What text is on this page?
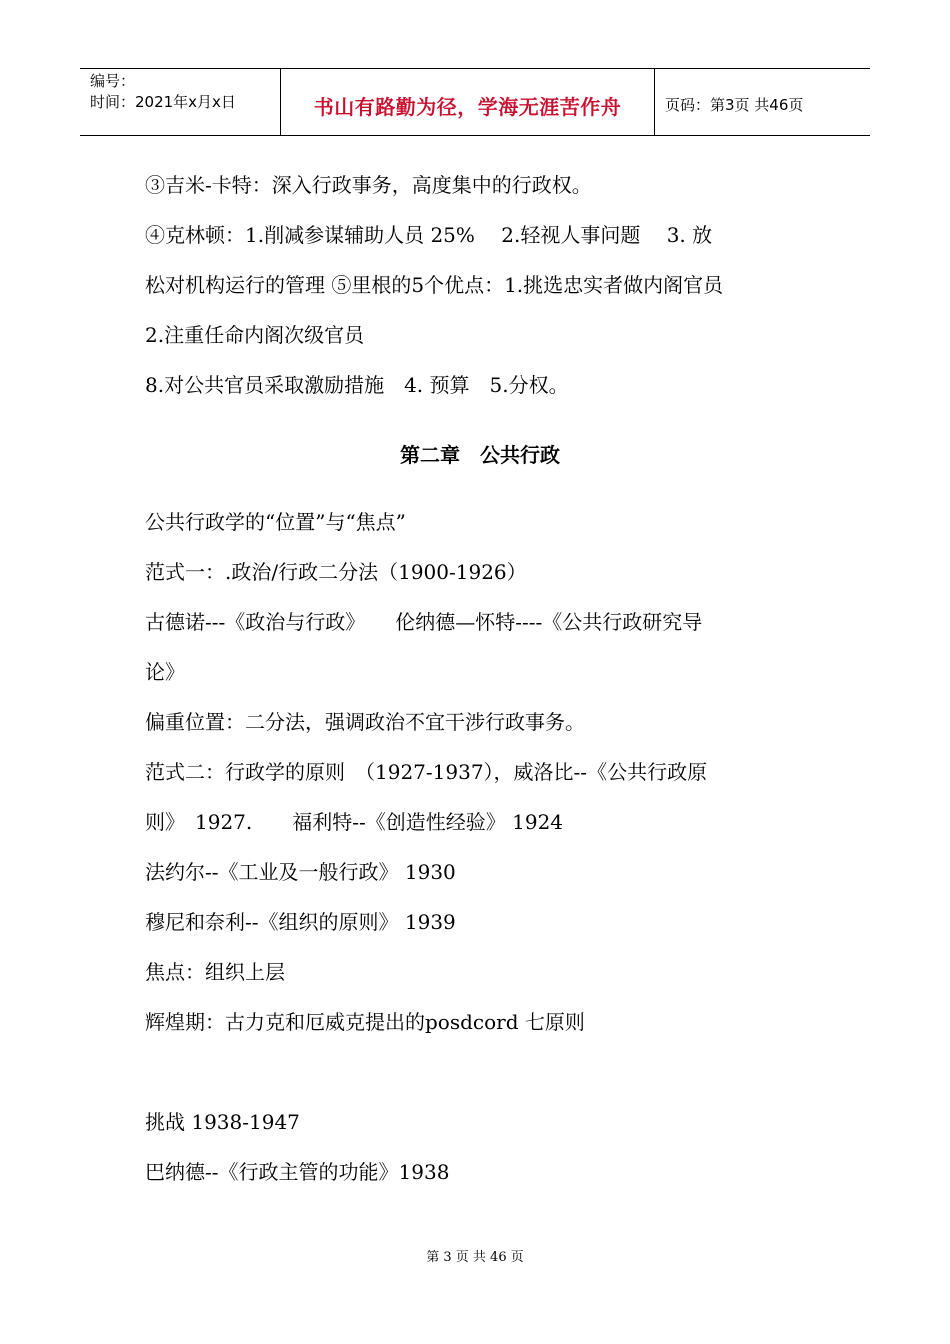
编号：
时间：2021年x月x日	书山有路勤为径，学海无涯苦作舟	页码：第3页 共46页

③吉米-卡特：深入行政事务，高度集中的行政权。

④克林顿：1.削减参谋辅助人员 25%　 2.轻视人事问题　 3. 放

松对机构运行的管理 ⑤里根的5个优点：1.挑选忠实者做内阁官员

2.注重任命内阁次级官员

8.对公共官员采取激励措施　4. 预算　5.分权。

第二章　公共行政

公共行政学的“位置”与“焦点”

范式一：.政治/行政二分法（1900-1926）

古德诺---《政治与行政》　　伦纳德—怀特----《公共行政研究导

论》

偏重位置：二分法，强调政治不宜干涉行政事务。

范式二：行政学的原则　（1927-1937），威洛比--《公共行政原

则》　1927.　　福利特--《创造性经验》 1924

法约尔--《工业及一般行政》 1930

穆尼和奈利--《组织的原则》 1939

焦点：组织上层

辉煌期：古力克和厄威克提出的posdcord 七原则

挑战 1938-1947

巴纳德--《行政主管的功能》1938

第 3 页 共 46 页
